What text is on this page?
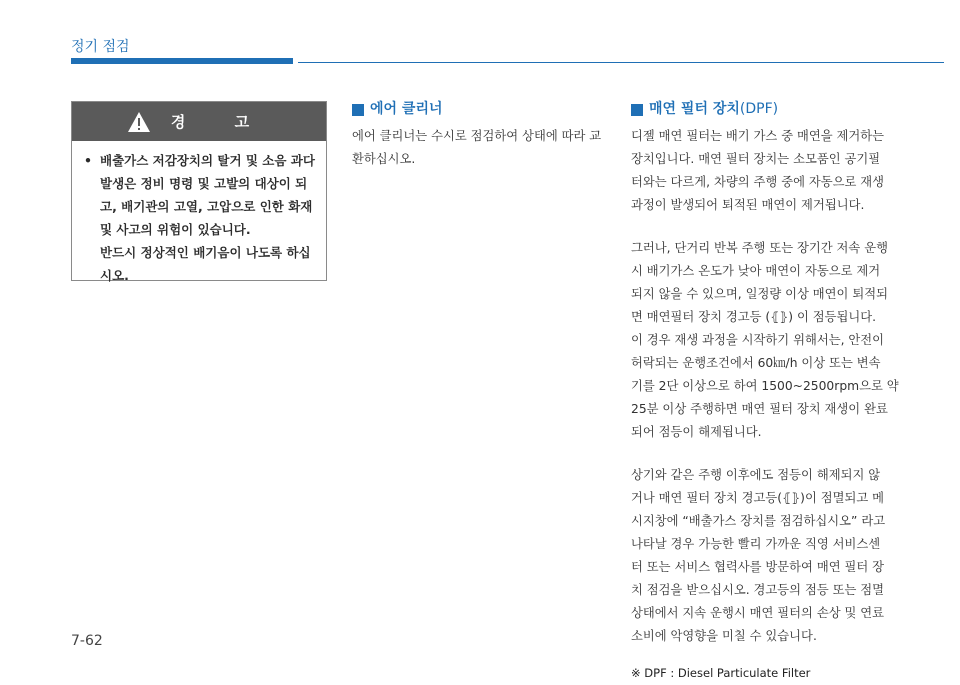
정기 점검
경 고
• 배출가스 저감장치의 탈거 및 소음 과다
발생은 정비 명령 및 고발의 대상이 되
고, 배기관의 고열, 고압으로 인한 화재
및 사고의 위험이 있습니다.
반드시 정상적인 배기음이 나도록 하십
시오.
에어 클리너
에어 클리너는 수시로 점검하여 상태에 따라 교
환하십시오.
매연 필터 장치 (DPF)
디젤 매연 필터는 배기 가스 중 매연을 제거하는
장치입니다. 매연 필터 장치는 소모품인 공기필
터와는 다르게, 차량의 주행 중에 자동으로 재생
과정이 발생되어 퇴적된 매연이 제거됩니다.
그러나, 단거리 반복 주행 또는 장기간 저속 운행
시 배기가스 온도가 낮아 매연이 자동으로 제거
되지 않을 수 있으며, 일정량 이상 매연이 퇴적되
면 매연필터 장치 경고등 (⦃⦄) 이 점등됩니다.
이 경우 재생 과정을 시작하기 위해서는, 안전이
허락되는 운행조건에서 60㎞/h 이상 또는 변속
기를 2단 이상으로 하여 1500~2500rpm으로 약
25분 이상 주행하면 매연 필터 장치 재생이 완료
되어 점등이 해제됩니다.
상기와 같은 주행 이후에도 점등이 해제되지 않
거나 매연 필터 장치 경고등(⦃⦄)이 점멸되고 메
시지창에 “배출가스 장치를 점검하십시오” 라고
나타날 경우 가능한 빨리 가까운 직영 서비스센
터 또는 서비스 협력사를 방문하여 매연 필터 장
치 점검을 받으십시오. 경고등의 점등 또는 점멸
상태에서 지속 운행시 매연 필터의 손상 및 연료
소비에 악영향을 미칠 수 있습니다.
※ DPF : Diesel Particulate Filter
7-62
